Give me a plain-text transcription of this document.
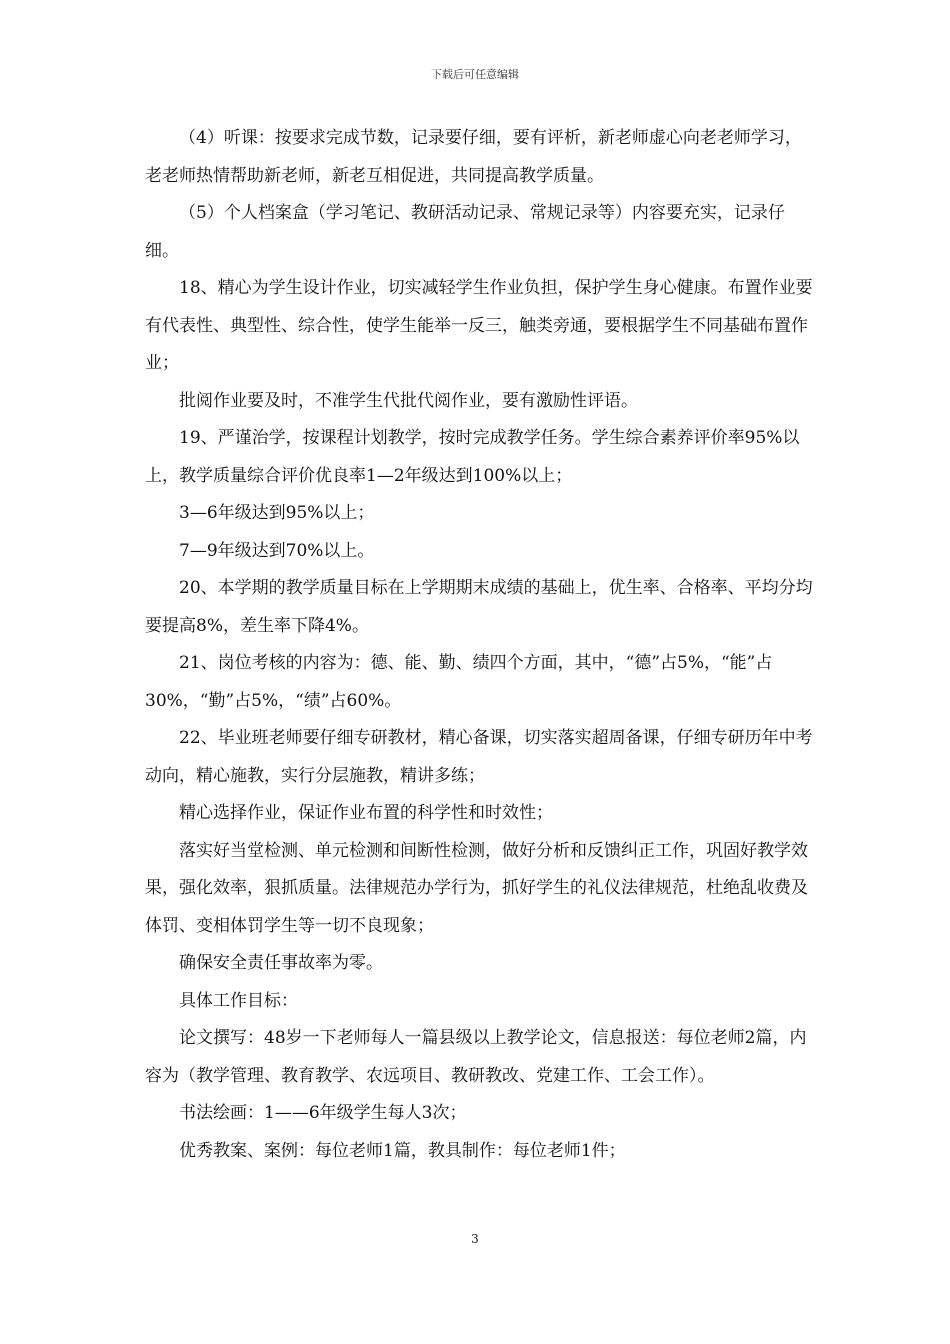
下载后可任意编辑

（4）听课：按要求完成节数，记录要仔细，要有评析，新老师虚心向老老师学习，老老师热情帮助新老师，新老互相促进，共同提高教学质量。

（5）个人档案盒（学习笔记、教研活动记录、常规记录等）内容要充实，记录仔细。

18、精心为学生设计作业，切实减轻学生作业负担，保护学生身心健康。布置作业要有代表性、典型性、综合性，使学生能举一反三，触类旁通，要根据学生不同基础布置作业；

批阅作业要及时，不准学生代批代阅作业，要有激励性评语。

19、严谨治学，按课程计划教学，按时完成教学任务。学生综合素养评价率95%以上，教学质量综合评价优良率1—2年级达到100%以上；

3—6年级达到95%以上；

7—9年级达到70%以上。

20、本学期的教学质量目标在上学期期末成绩的基础上，优生率、合格率、平均分均要提高8%，差生率下降4%。

21、岗位考核的内容为：德、能、勤、绩四个方面，其中，“德”占5%，“能”占30%，“勤”占5%，“绩”占60%。

22、毕业班老师要仔细专研教材，精心备课，切实落实超周备课，仔细专研历年中考动向，精心施教，实行分层施教，精讲多练；

精心选择作业，保证作业布置的科学性和时效性；

落实好当堂检测、单元检测和间断性检测，做好分析和反馈纠正工作，巩固好教学效果，强化效率，狠抓质量。法律规范办学行为，抓好学生的礼仪法律规范，杜绝乱收费及体罚、变相体罚学生等一切不良现象；

确保安全责任事故率为零。

具体工作目标：

论文撰写：48岁一下老师每人一篇县级以上教学论文，信息报送：每位老师2篇，内容为（教学管理、教育教学、农远项目、教研教改、党建工作、工会工作）。

书法绘画：1——6年级学生每人3次；

优秀教案、案例：每位老师1篇，教具制作：每位老师1件；

3
